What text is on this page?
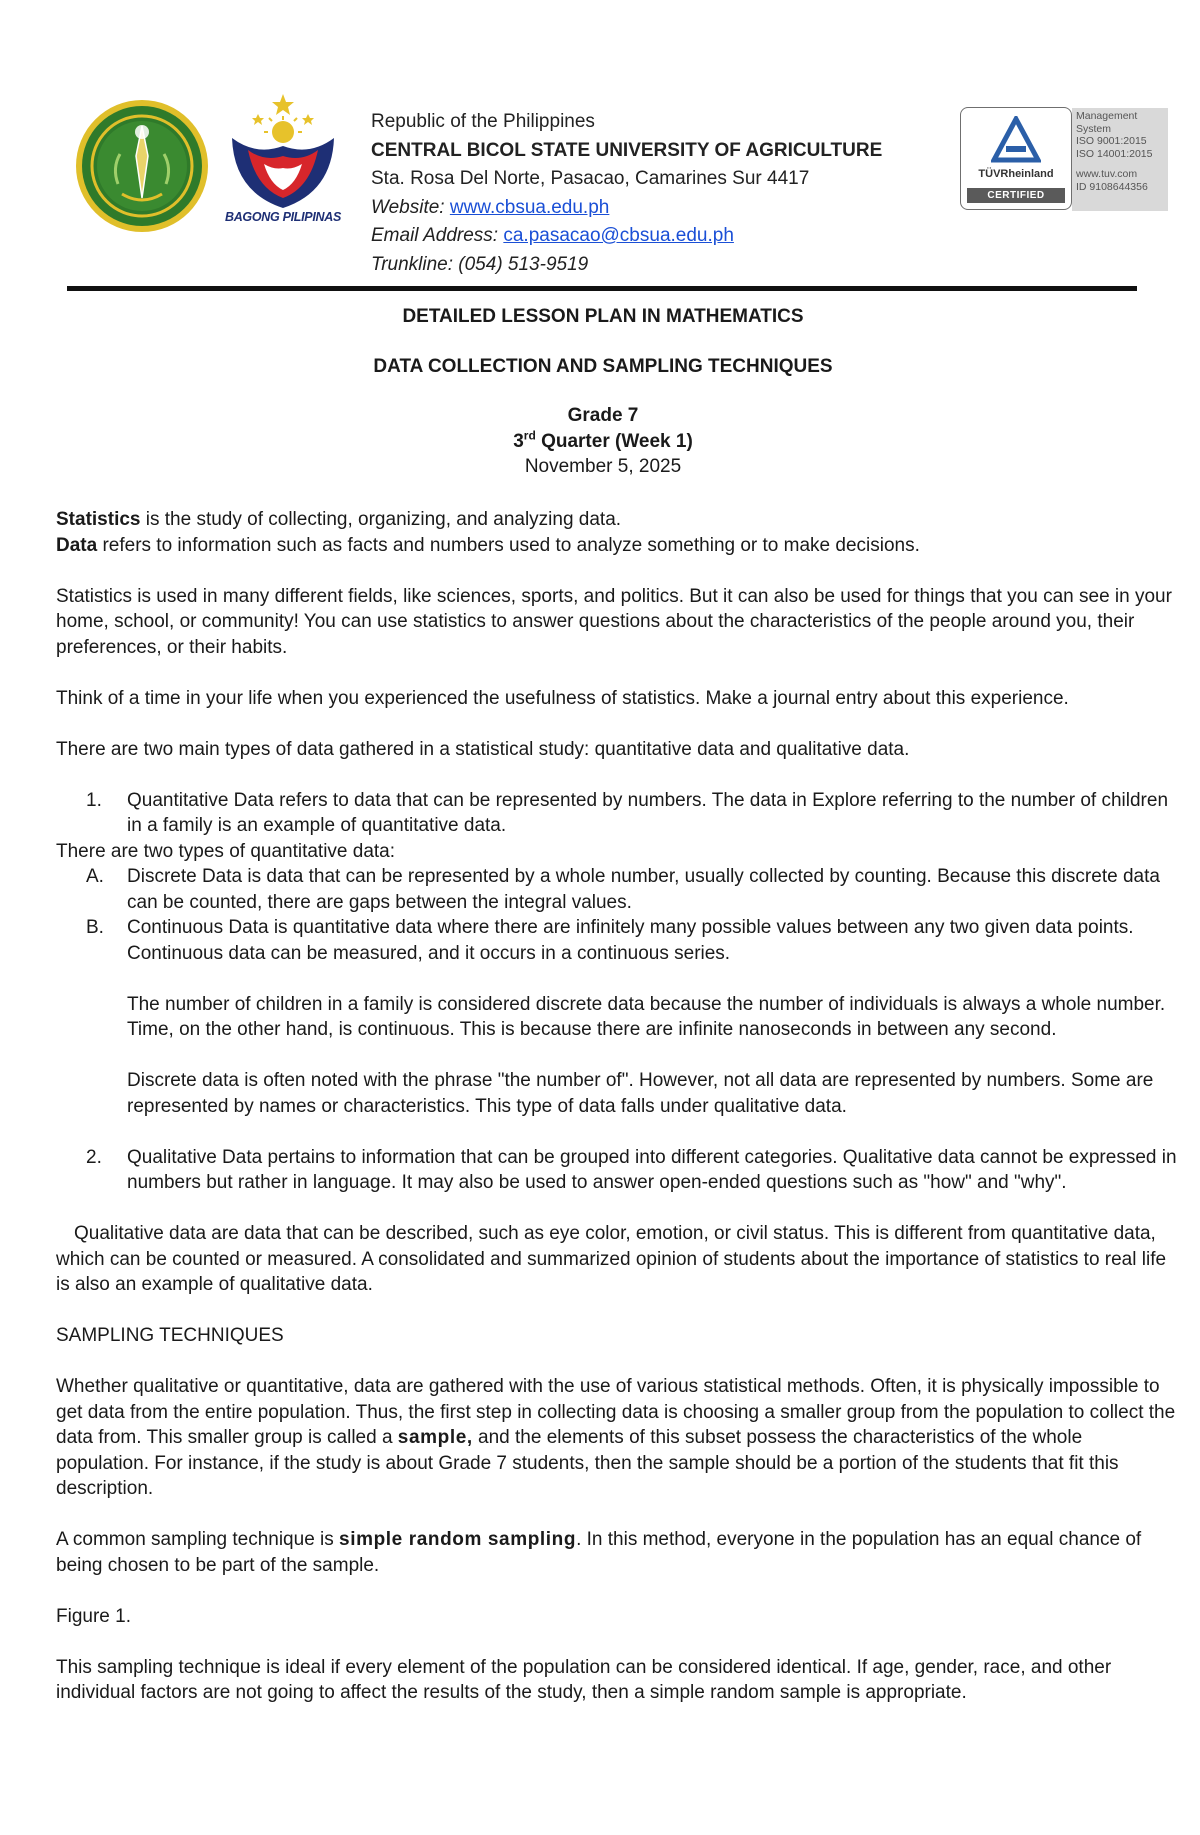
BAGONG PILIPINAS
Republic of the Philippines
CENTRAL BICOL STATE UNIVERSITY OF AGRICULTURE
Sta. Rosa Del Norte, Pasacao, Camarines Sur 4417
Website: www.cbsua.edu.ph
Email Address: ca.pasacao@cbsua.edu.ph
Trunkline: (054) 513-9519
TÜVRheinland
CERTIFIED
Management
System
ISO 9001:2015
ISO 14001:2015
www.tuv.com
ID 9108644356
DETAILED LESSON PLAN IN MATHEMATICS
DATA COLLECTION AND SAMPLING TECHNIQUES
Grade 7
3rd Quarter (Week 1)
November 5, 2025

Statistics is the study of collecting, organizing, and analyzing data.

Data refers to information such as facts and numbers used to analyze something or to make decisions.

Statistics is used in many different fields, like sciences, sports, and politics. But it can also be used for things that you can see in your home, school, or community! You can use statistics to answer questions about the characteristics of the people around you, their preferences, or their habits.

Think of a time in your life when you experienced the usefulness of statistics. Make a journal entry about this experience.

There are two main types of data gathered in a statistical study: quantitative data and qualitative data.

1. Quantitative Data refers to data that can be represented by numbers. The data in Explore referring to the number of children in a family is an example of quantitative data.

There are two types of quantitative data:

A. Discrete Data is data that can be represented by a whole number, usually collected by counting. Because this discrete data can be counted, there are gaps between the integral values.
B. Continuous Data is quantitative data where there are infinitely many possible values between any two given data points. Continuous data can be measured, and it occurs in a continuous series.

The number of children in a family is considered discrete data because the number of individuals is always a whole number. Time, on the other hand, is continuous. This is because there are infinite nanoseconds in between any second.

Discrete data is often noted with the phrase "the number of". However, not all data are represented by numbers. Some are represented by names or characteristics. This type of data falls under qualitative data.

2. Qualitative Data pertains to information that can be grouped into different categories. Qualitative data cannot be expressed in numbers but rather in language. It may also be used to answer open-ended questions such as "how" and "why".

Qualitative data are data that can be described, such as eye color, emotion, or civil status. This is different from quantitative data, which can be counted or measured. A consolidated and summarized opinion of students about the importance of statistics to real life is also an example of qualitative data.

SAMPLING TECHNIQUES

Whether qualitative or quantitative, data are gathered with the use of various statistical methods. Often, it is physically impossible to get data from the entire population. Thus, the first step in collecting data is choosing a smaller group from the population to collect the data from. This smaller group is called a sample, and the elements of this subset possess the characteristics of the whole population. For instance, if the study is about Grade 7 students, then the sample should be a portion of the students that fit this description.

A common sampling technique is simple random sampling. In this method, everyone in the population has an equal chance of being chosen to be part of the sample.

Figure 1.

This sampling technique is ideal if every element of the population can be considered identical. If age, gender, race, and other individual factors are not going to affect the results of the study, then a simple random sample is appropriate.
